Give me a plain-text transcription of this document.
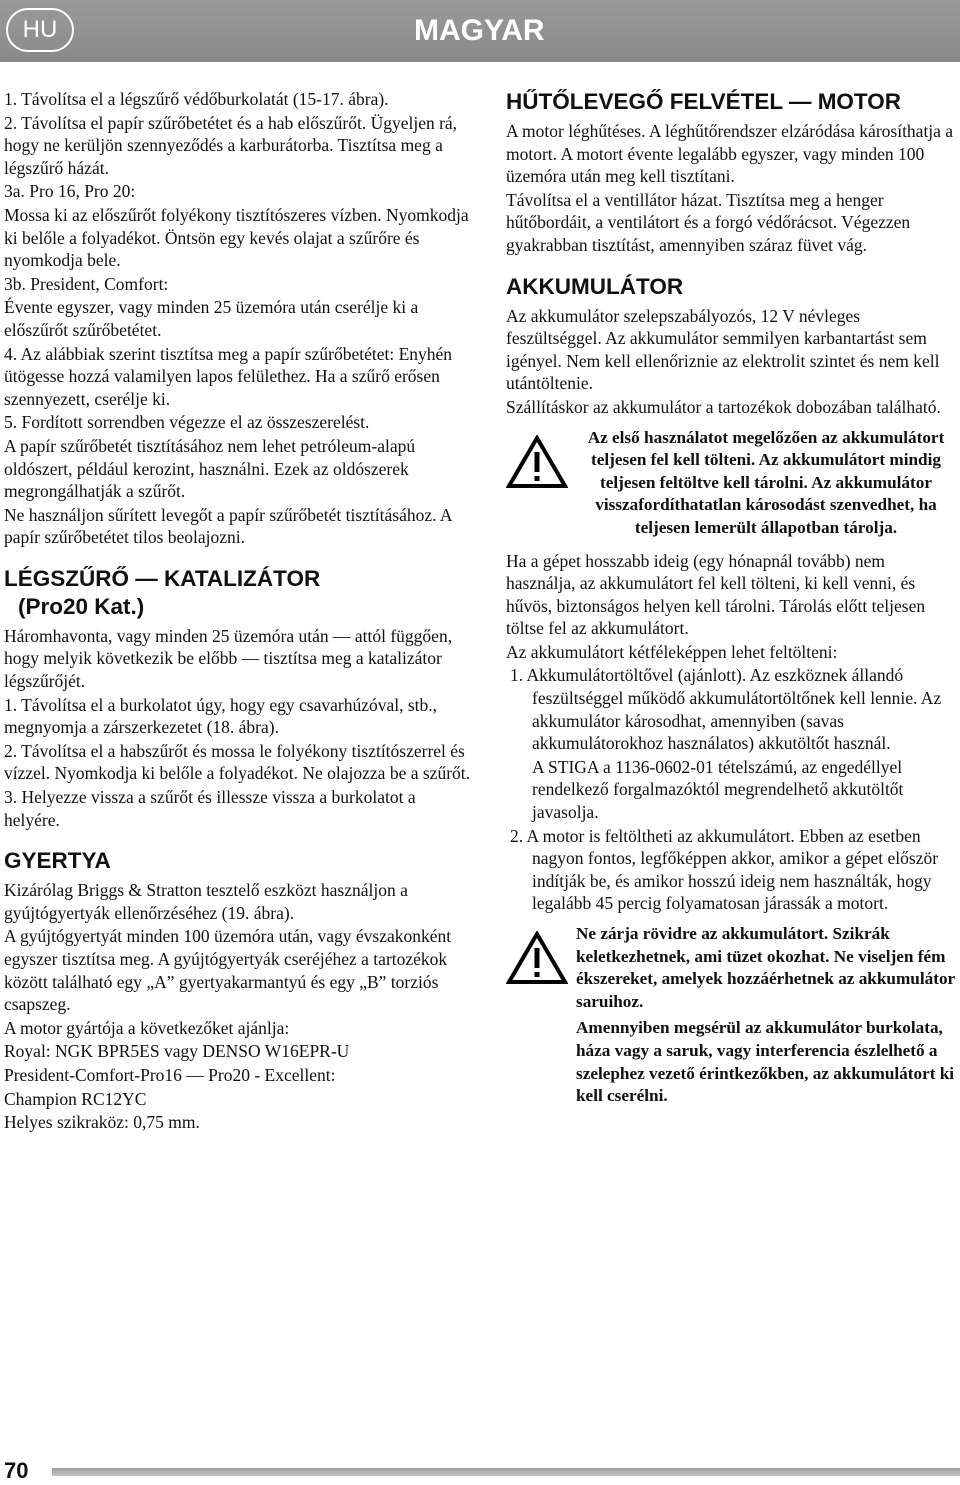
HU	MAGYAR

1. Távolítsa el a légszűrő védőburkolatát (15-17. ábra).

2. Távolítsa el papír szűrőbetétet és a hab előszűrőt. Ügyeljen rá, hogy ne kerüljön szennyeződés a karburátorba. Tisztítsa meg a légszűrő házát.

3a. Pro 16, Pro 20:

Mossa ki az előszűrőt folyékony tisztítószeres vízben. Nyomkodja ki belőle a folyadékot. Öntsön egy kevés olajat a szűrőre és nyomkodja bele.

3b. President, Comfort:

Évente egyszer, vagy minden 25 üzemóra után cserélje ki a előszűrőt szűrőbetétet.

4. Az alábbiak szerint tisztítsa meg a papír szűrőbetétet: Enyhén ütögesse hozzá valamilyen lapos felülethez. Ha a szűrő erősen szennyezett, cserélje ki.

5. Fordított sorrendben végezze el az összeszerelést.

A papír szűrőbetét tisztításához nem lehet petróleum-alapú oldószert, például kerozint, használni. Ezek az oldószerek megrongálhatják a szűrőt.

Ne használjon sűrített levegőt a papír szűrőbetét tisztításához. A papír szűrőbetétet tilos beolajozni.

LÉGSZŰRŐ — KATALIZÁTOR
(Pro20 Kat.)

Háromhavonta, vagy minden 25 üzemóra után — attól függően, hogy melyik következik be előbb — tisztítsa meg a katalizátor légszűrőjét.

1. Távolítsa el a burkolatot úgy, hogy egy csavarhúzóval, stb., megnyomja a zárszerkezetet (18. ábra).

2. Távolítsa el a habszűrőt és mossa le folyékony tisztítószerrel és vízzel. Nyomkodja ki belőle a folyadékot. Ne olajozza be a szűrőt.

3. Helyezze vissza a szűrőt és illessze vissza a burkolatot a helyére.

GYERTYA

Kizárólag Briggs & Stratton tesztelő eszközt használjon a gyújtógyertyák ellenőrzéséhez (19. ábra).

A gyújtógyertyát minden 100 üzemóra után, vagy évszakonként egyszer tisztítsa meg. A gyújtógyertyák cseréjéhez a tartozékok között található egy „A” gyertyakarmantyú és egy „B” torziós csapszeg.

A motor gyártója a következőket ajánlja:

Royal: NGK BPR5ES vagy DENSO W16EPR-U

President-Comfort-Pro16 — Pro20 - Excellent:

Champion RC12YC

Helyes szikraköz: 0,75 mm.

HŰTŐLEVEGŐ FELVÉTEL — MOTOR

A motor léghűtéses. A léghűtőrendszer elzáródása károsíthatja a motort. A motort évente legalább egyszer, vagy minden 100 üzemóra után meg kell tisztítani.

Távolítsa el a ventillátor házat. Tisztítsa meg a henger hűtőbordáit, a ventilátort és a forgó védőrácsot. Végezzen gyakrabban tisztítást, amennyiben száraz füvet vág.

AKKUMULÁTOR

Az akkumulátor szelepszabályozós, 12 V névleges feszültséggel. Az akkumulátor semmilyen karbantartást sem igényel. Nem kell ellenőriznie az elektrolit szintet és nem kell utántöltenie.

Szállításkor az akkumulátor a tartozékok dobozában található.

Az első használatot megelőzően az akkumulátort teljesen fel kell tölteni. Az akkumulátort mindig teljesen feltöltve kell tárolni. Az akkumulátor visszafordíthatatlan károsodást szenvedhet, ha teljesen lemerült állapotban tárolja.

Ha a gépet hosszabb ideig (egy hónapnál tovább) nem használja, az akkumulátort fel kell tölteni, ki kell venni, és hűvös, biztonságos helyen kell tárolni. Tárolás előtt teljesen töltse fel az akkumulátort.

Az akkumulátort kétféleképpen lehet feltölteni:

1. Akkumulátortöltővel (ajánlott). Az eszköznek állandó feszültséggel működő akkumulátortöltőnek kell lennie. Az akkumulátor károsodhat, amennyiben (savas akkumulátorokhoz használatos) akkutöltőt használ.
A STIGA a 1136-0602-01 tételszámú, az engedéllyel rendelkező forgalmazóktól megrendelhető akkutöltőt javasolja.

2. A motor is feltöltheti az akkumulátort. Ebben az esetben nagyon fontos, legfőképpen akkor, amikor a gépet először indítják be, és amikor hosszú ideig nem használták, hogy legalább 45 percig folyamatosan járassák a motort.

Ne zárja rövidre az akkumulátort. Szikrák keletkezhetnek, ami tüzet okozhat. Ne viseljen fém ékszereket, amelyek hozzáérhetnek az akkumulátor saruihoz.

Amennyiben megsérül az akkumulátor burkolata, háza vagy a saruk, vagy interferencia észlelhető a szelephez vezető érintkezőkben, az akkumulátort ki kell cserélni.

70
